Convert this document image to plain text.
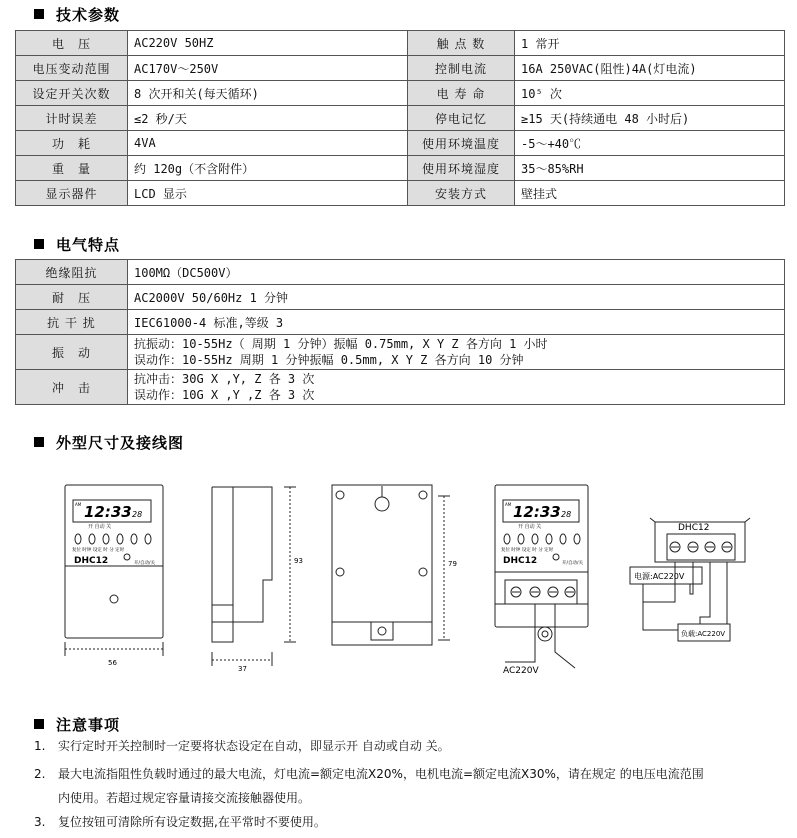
技术参数
电　压	AC220V 50HZ	触 点 数	1 常开
电压变动范围	AC170V～250V	控制电流	16A 250VAC(阻性)4A(灯电流)
设定开关次数	8 次开和关(每天循环)	电 寿 命	10⁵ 次
计时误差	≤2 秒/天	停电记忆	≥15 天(持续通电 48 小时后)
功　耗	4VA	使用环境温度	-5～+40℃
重　量	约 120g（不含附件）	使用环境湿度	35～85%RH
显示器件	LCD 显示	安装方式	壁挂式
电气特点
绝缘阻抗	100MΩ（DC500V）

耐　压	AC2000V 50/60Hz 1 分钟

抗 干 扰	IEC61000-4 标准,等级 3

振　动	抗振动：10-55Hz（ 周期 1 分钟）振幅 0.75mm, X Y Z 各方向 1 小时
误动作：10-55Hz 周期 1 分钟振幅 0.5mm, X Y Z 各方向 10 分钟

冲　击	抗冲击：30G X ,Y, Z 各 3 次
误动作：10G X ,Y ,Z 各 3 次
外型尺寸及接线图
12:33 28
AM
开 自动 关
复位 时钟 设定 时 分 定时
DHC12	开/自动/关
56
93
37
79
12:33 28
AM
开 自动 关
复位 时钟 设定 时 分 定时
DHC12	开/自动/关
AC220V
DHC12
电源:AC220V
负载:AC220V
注意事项
1. 实行定时开关控制时一定要将状态设定在自动，即显示开 自动或自动 关。
2. 最大电流指阻性负载时通过的最大电流，灯电流=额定电流X20%，电机电流=额定电流X30%，请在规定 的电压电流范围
内使用。若超过规定容量请接交流接触器使用。
3. 复位按钮可清除所有设定数据,在平常时不要使用。
